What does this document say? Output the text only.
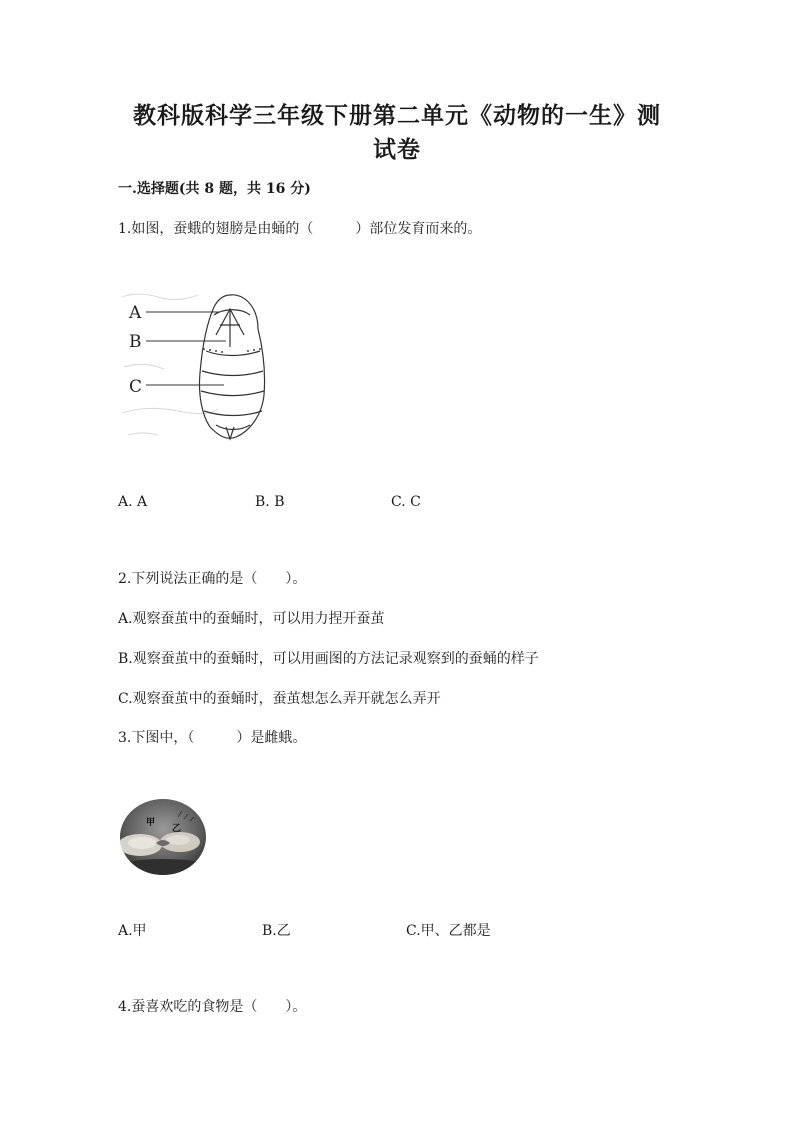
教科版科学三年级下册第二单元《动物的一生》测
试卷
一.选择题(共 8 题，共 16 分)
1.如图，蚕蛾的翅膀是由蛹的（　　　）部位发育而来的。
A
B
C
A. A	B. B	C. C
2.下列说法正确的是（　　）。
A.观察蚕茧中的蚕蛹时，可以用力捏开蚕茧
B.观察蚕茧中的蚕蛹时，可以用画图的方法记录观察到的蚕蛹的样子
C.观察蚕茧中的蚕蛹时，蚕茧想怎么弄开就怎么弄开
3.下图中，（　　　）是雌蛾。
甲
乙
A.甲	B.乙	C.甲、乙都是
4.蚕喜欢吃的食物是（　　）。
